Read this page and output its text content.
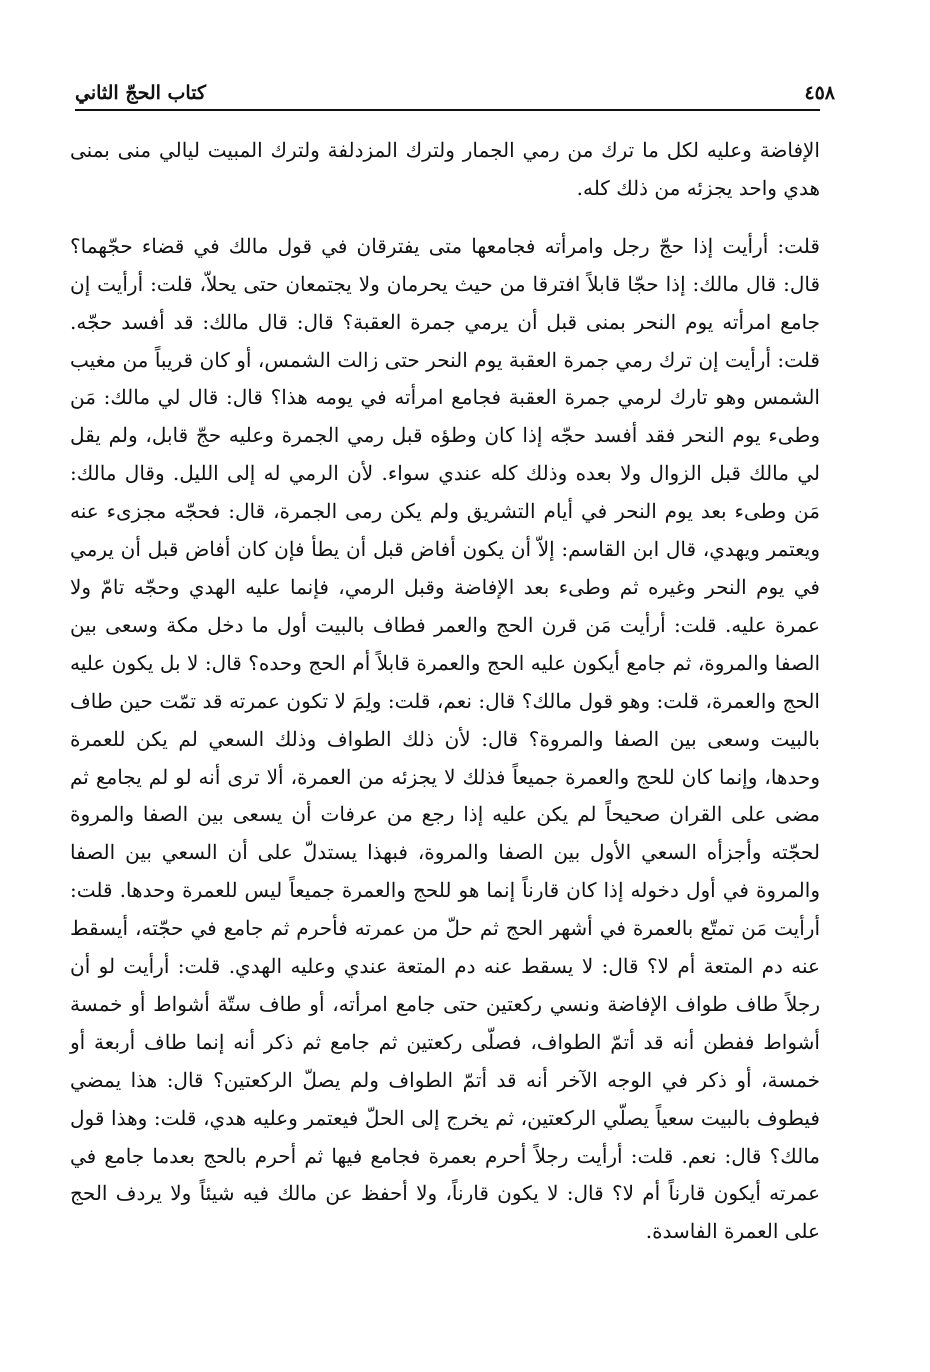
٤٥٨
كتاب الحجّ الثاني

الإفاضة وعليه لكل ما ترك من رمي الجمار ولترك المزدلفة ولترك المبيت ليالي منى بمنى هدي واحد يجزئه من ذلك كله.

قلت: أرأيت إذا حجّ رجل وامرأته فجامعها متى يفترقان في قول مالك في قضاء حجّهما؟ قال: قال مالك: إذا حجّا قابلاً افترقا من حيث يحرمان ولا يجتمعان حتى يحلاّ، قلت: أرأيت إن جامع امرأته يوم النحر بمنى قبل أن يرمي جمرة العقبة؟ قال: قال مالك: قد أفسد حجّه. قلت: أرأيت إن ترك رمي جمرة العقبة يوم النحر حتى زالت الشمس، أو كان قريباً من مغيب الشمس وهو تارك لرمي جمرة العقبة فجامع امرأته في يومه هذا؟ قال: قال لي مالك: مَن وطىء يوم النحر فقد أفسد حجّه إذا كان وطؤه قبل رمي الجمرة وعليه حجّ قابل، ولم يقل لي مالك قبل الزوال ولا بعده وذلك كله عندي سواء. لأن الرمي له إلى الليل. وقال مالك: مَن وطىء بعد يوم النحر في أيام التشريق ولم يكن رمى الجمرة، قال: فحجّه مجزىء عنه ويعتمر ويهدي، قال ابن القاسم: إلاّ أن يكون أفاض قبل أن يطأ فإن كان أفاض قبل أن يرمي في يوم النحر وغيره ثم وطىء بعد الإفاضة وقبل الرمي، فإنما عليه الهدي وحجّه تامّ ولا عمرة عليه. قلت: أرأيت مَن قرن الحج والعمر فطاف بالبيت أول ما دخل مكة وسعى بين الصفا والمروة، ثم جامع أيكون عليه الحج والعمرة قابلاً أم الحج وحده؟ قال: لا بل يكون عليه الحج والعمرة، قلت: وهو قول مالك؟ قال: نعم، قلت: ولِمَ لا تكون عمرته قد تمّت حين طاف بالبيت وسعى بين الصفا والمروة؟ قال: لأن ذلك الطواف وذلك السعي لم يكن للعمرة وحدها، وإنما كان للحج والعمرة جميعاً فذلك لا يجزئه من العمرة، ألا ترى أنه لو لم يجامع ثم مضى على القران صحيحاً لم يكن عليه إذا رجع من عرفات أن يسعى بين الصفا والمروة لحجّته وأجزأه السعي الأول بين الصفا والمروة، فبهذا يستدلّ على أن السعي بين الصفا والمروة في أول دخوله إذا كان قارناً إنما هو للحج والعمرة جميعاً ليس للعمرة وحدها. قلت: أرأيت مَن تمتّع بالعمرة في أشهر الحج ثم حلّ من عمرته فأحرم ثم جامع في حجّته، أيسقط عنه دم المتعة أم لا؟ قال: لا يسقط عنه دم المتعة عندي وعليه الهدي. قلت: أرأيت لو أن رجلاً طاف طواف الإفاضة ونسي ركعتين حتى جامع امرأته، أو طاف ستّة أشواط أو خمسة أشواط ففطن أنه قد أتمّ الطواف، فصلّى ركعتين ثم جامع ثم ذكر أنه إنما طاف أربعة أو خمسة، أو ذكر في الوجه الآخر أنه قد أتمّ الطواف ولم يصلّ الركعتين؟ قال: هذا يمضي فيطوف بالبيت سعياً يصلّي الركعتين، ثم يخرج إلى الحلّ فيعتمر وعليه هدي، قلت: وهذا قول مالك؟ قال: نعم. قلت: أرأيت رجلاً أحرم بعمرة فجامع فيها ثم أحرم بالحج بعدما جامع في عمرته أيكون قارناً أم لا؟ قال: لا يكون قارناً، ولا أحفظ عن مالك فيه شيئاً ولا يردف الحج على العمرة الفاسدة.
